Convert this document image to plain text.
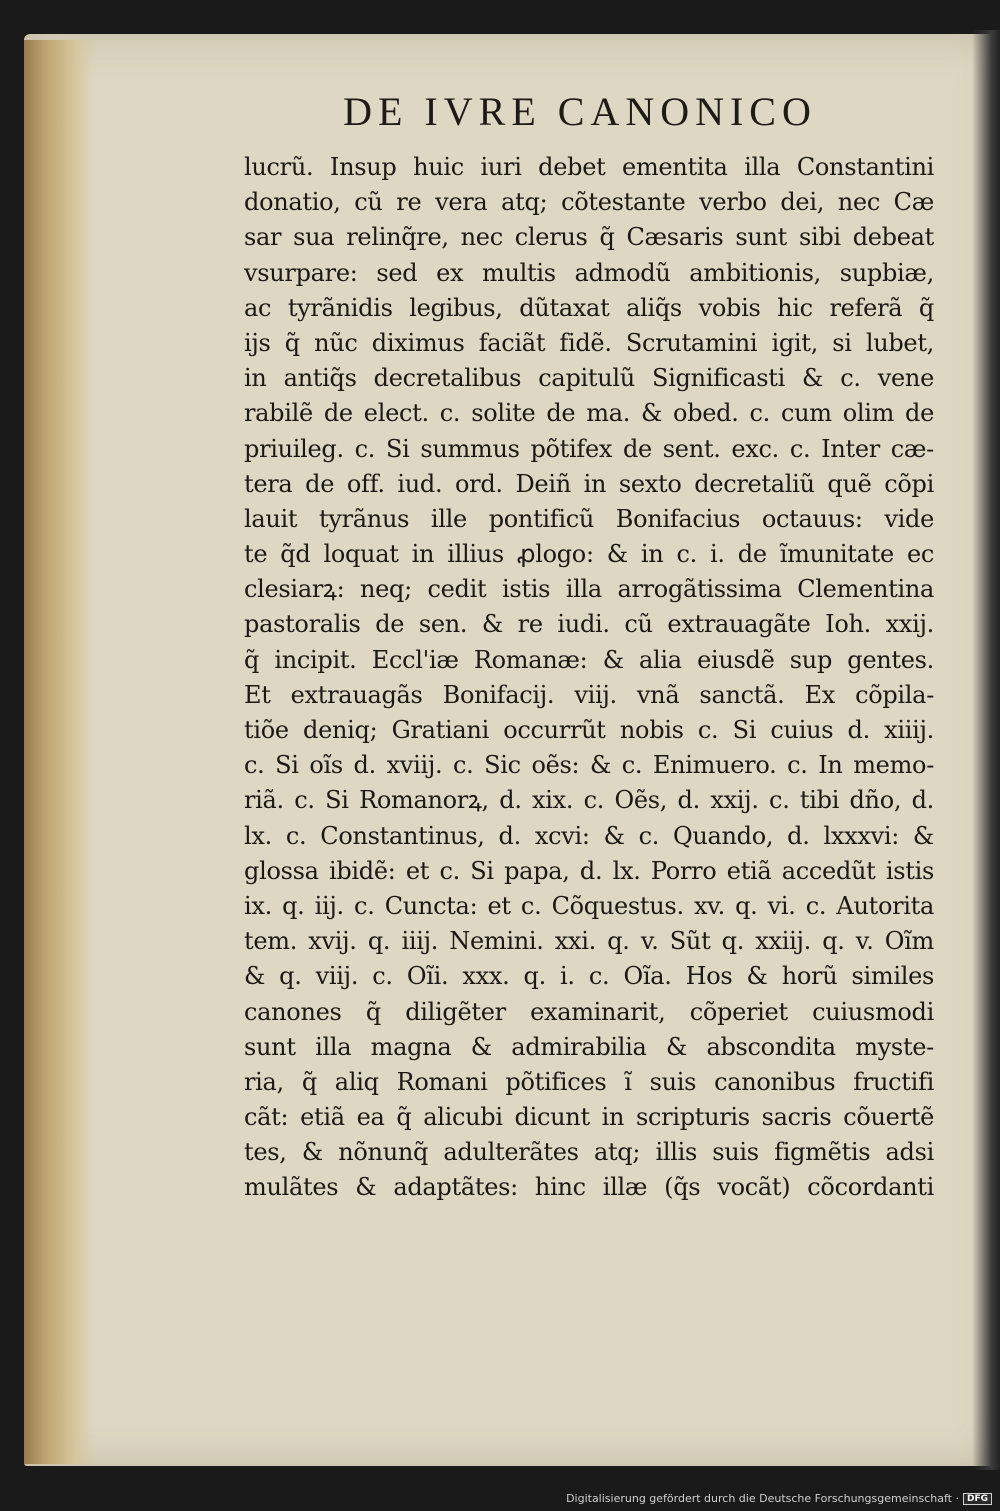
DE IVRE CANONICO
lucrũ. Insup huic iuri debet ementita illa Constantini
donatio, cũ re vera atq; cõtestante verbo dei, nec Cæ
sar sua relinq̃re, nec clerus q̃ Cæsaris sunt sibi debeat
vsurpare: sed ex multis admodũ ambitionis, supbiæ,
ac tyrãnidis legibus, dũtaxat aliq̃s vobis hic referã q̃
ijs q̃ nũc diximus faciãt fidẽ. Scrutamini igit, si lubet,
in antiq̃s decretalibus capitulũ Significasti & c. vene
rabilẽ de elect. c. solite de ma. & obed. c. cum olim de
priuileg. c. Si summus põtifex de sent. exc. c. Inter cæ-
tera de off. iud. ord. Deiñ in sexto decretaliũ quẽ cõpi
lauit tyrãnus ille pontificũ Bonifacius octauus: vide
te q̃d loquat in illius ꝓlogo: & in c. i. de ĩmunitate ec
clesiarꝝ: neq; cedit istis illa arrogãtissima Clementina
pastoralis de sen. & re iudi. cũ extrauagãte Ioh. xxij.
q̃ incipit. Eccl'iæ Romanæ: & alia eiusdẽ sup gentes.
Et extrauagãs Bonifacij. viij. vnã sanctã. Ex cõpila-
tiõe deniq; Gratiani occurrũt nobis c. Si cuius d. xiiij.
c. Si oĩs d. xviij. c. Sic oẽs: & c. Enimuero. c. In memo-
riã. c. Si Romanorꝝ, d. xix. c. Oẽs, d. xxij. c. tibi dño, d.
lx. c. Constantinus, d. xcvi: & c. Quando, d. lxxxvi: &
glossa ibidẽ: et c. Si papa, d. lx. Porro etiã accedũt istis
ix. q. iij. c. Cuncta: et c. Cõquestus. xv. q. vi. c. Autorita
tem. xvij. q. iiij. Nemini. xxi. q. v. Sũt q. xxiij. q. v. Oĩm
& q. viij. c. Oĩi. xxx. q. i. c. Oĩa. Hos & horũ similes
canones q̃ diligẽter examinarit, cõperiet cuiusmodi
sunt illa magna & admirabilia & abscondita myste-
ria, q̃ aliq Romani põtifices ĩ suis canonibus fructifi
cãt: etiã ea q̃ alicubi dicunt in scripturis sacris cõuertẽ
tes, & nõnunq̃ adulterãtes atq; illis suis figmẽtis adsi
mulãtes & adaptãtes: hinc illæ (q̃s vocãt) cõcordanti
Digitalisierung gefördert durch die Deutsche Forschungsgemeinschaft · DFG
